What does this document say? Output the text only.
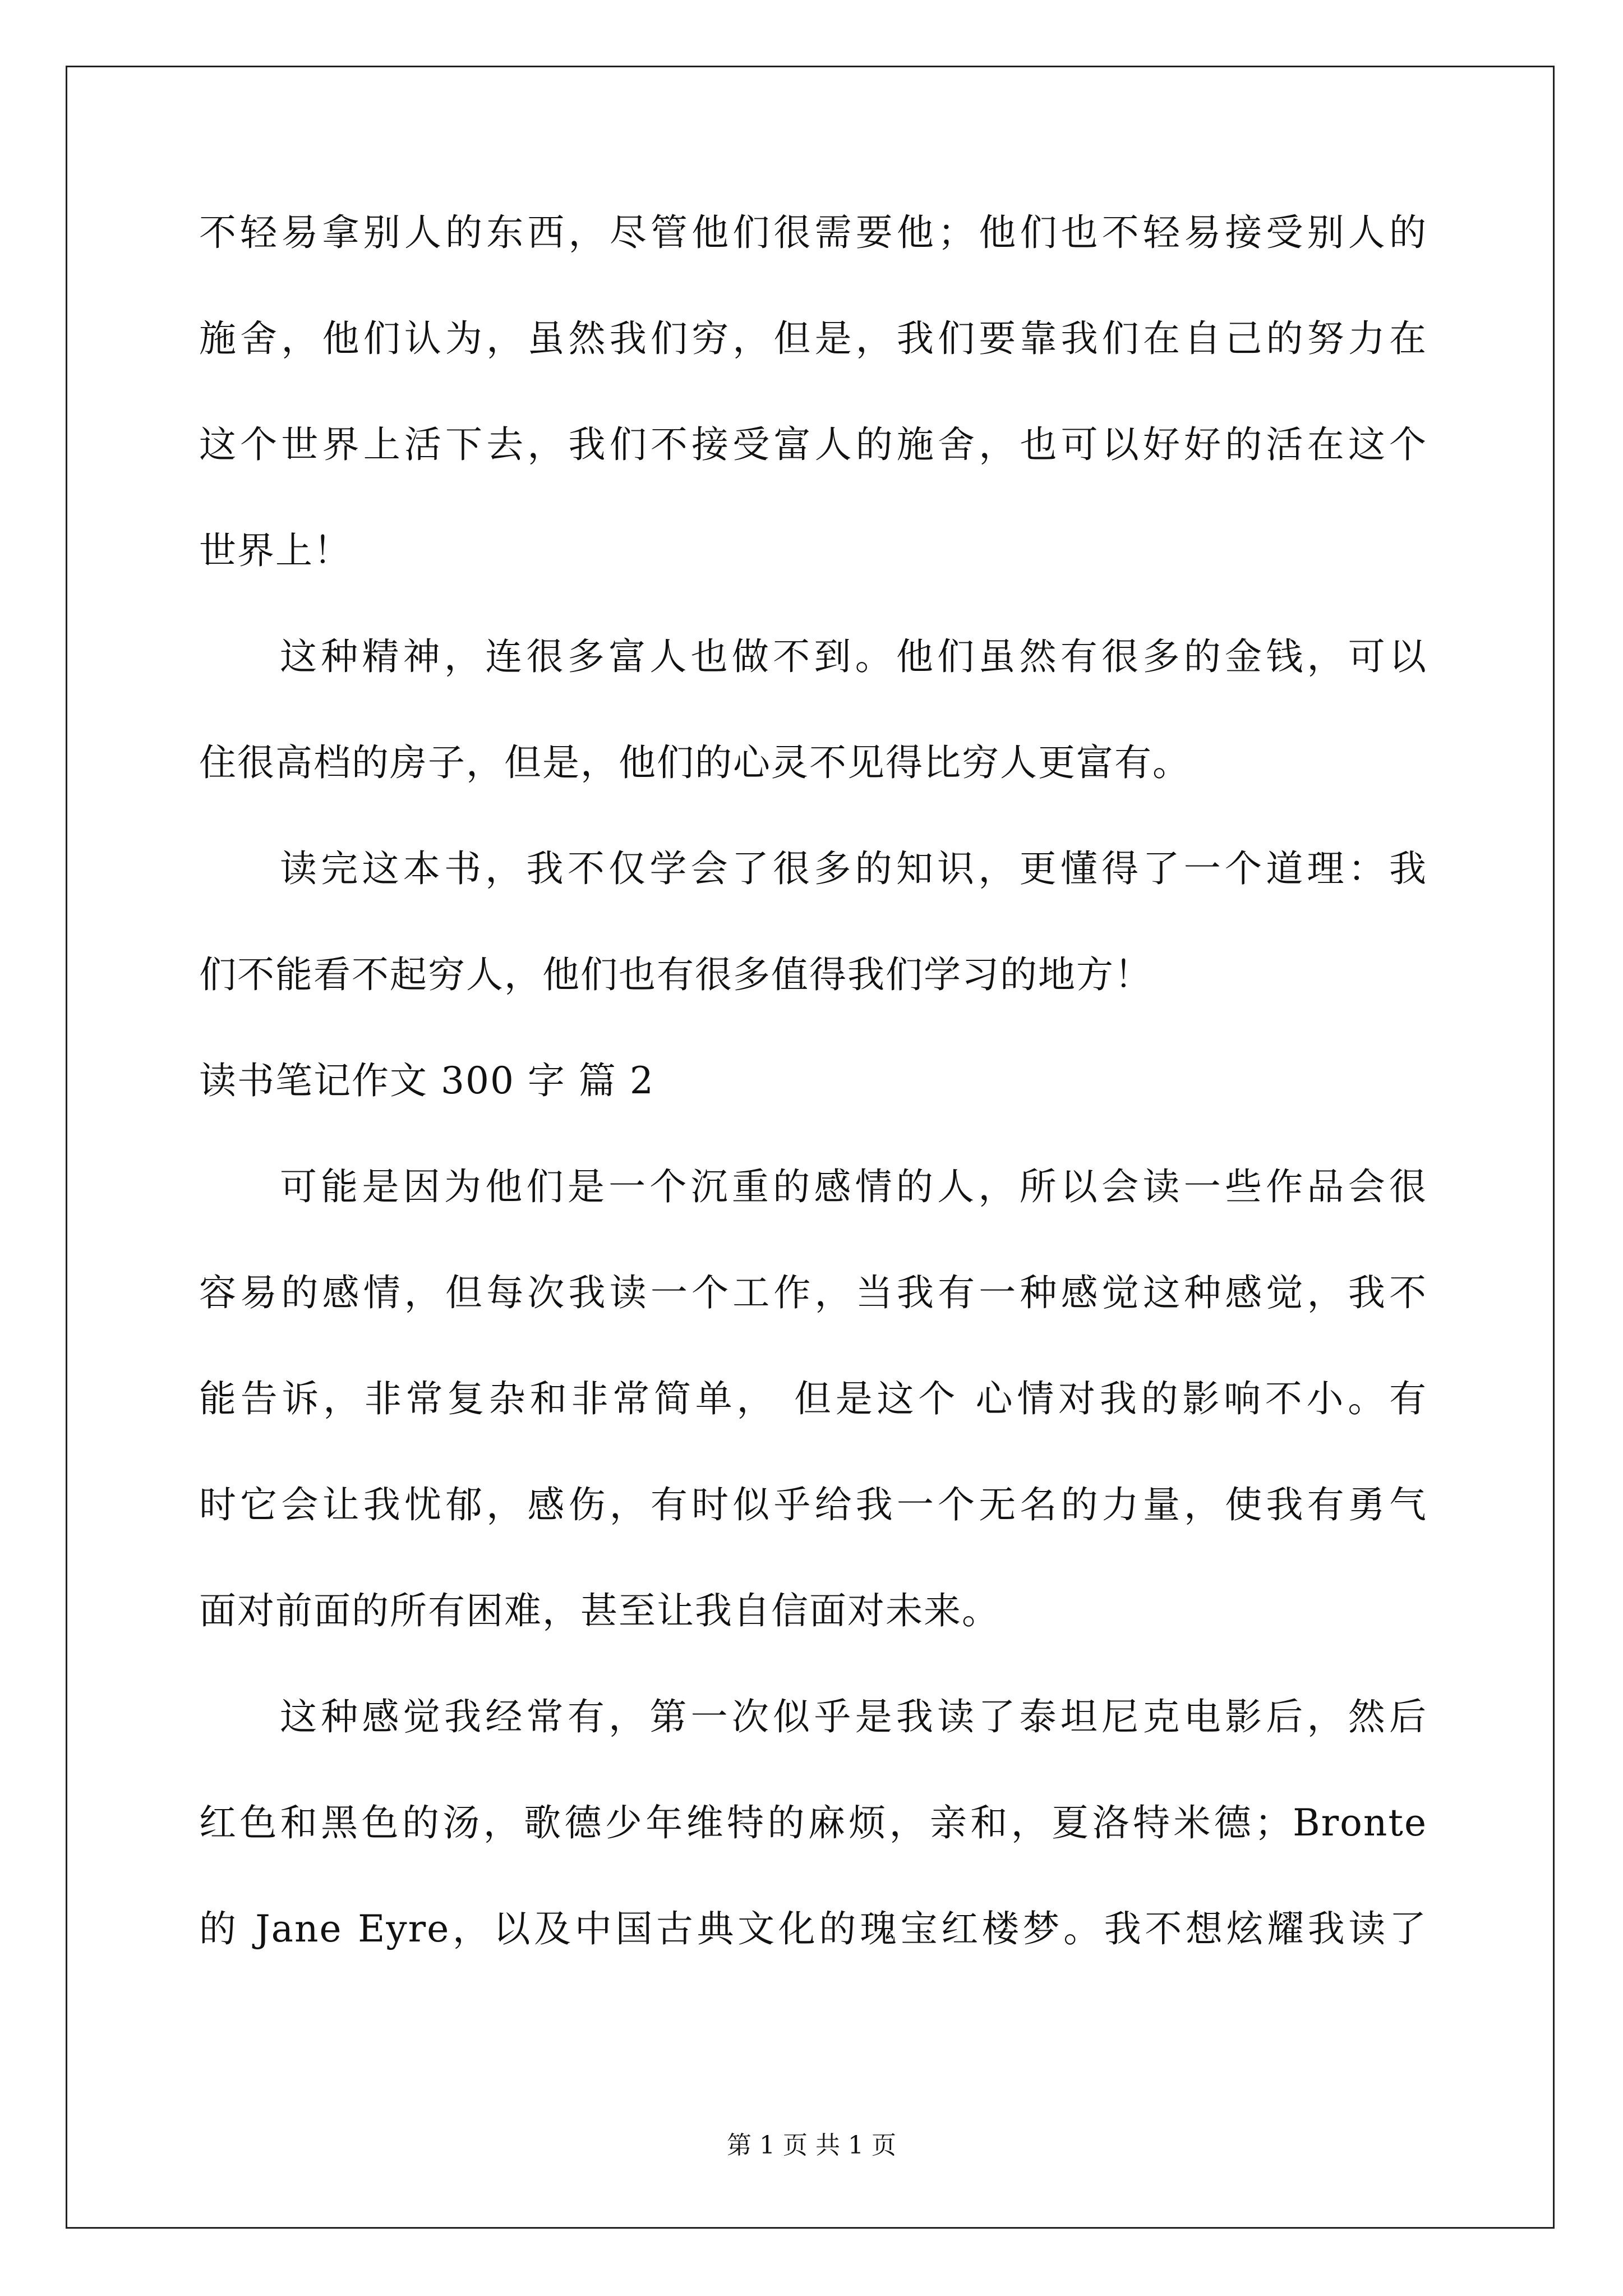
不轻易拿别人的东西，尽管他们很需要他；他们也不轻易接受别人的
施舍，他们认为，虽然我们穷，但是，我们要靠我们在自己的努力在
这个世界上活下去，我们不接受富人的施舍，也可以好好的活在这个
世界上！
这种精神，连很多富人也做不到。他们虽然有很多的金钱，可以
住很高档的房子，但是，他们的心灵不见得比穷人更富有。
读完这本书，我不仅学会了很多的知识，更懂得了一个道理：我
们不能看不起穷人，他们也有很多值得我们学习的地方！
读书笔记作文 300 字 篇 2
可能是因为他们是一个沉重的感情的人，所以会读一些作品会很
容易的感情，但每次我读一个工作，当我有一种感觉这种感觉，我不
能告诉，非常复杂和非常简单， 但是这个 心情对我的影响不小。有
时它会让我忧郁，感伤，有时似乎给我一个无名的力量，使我有勇气
面对前面的所有困难，甚至让我自信面对未来。
这种感觉我经常有，第一次似乎是我读了泰坦尼克电影后，然后
红色和黑色的汤，歌德少年维特的麻烦，亲和，夏洛特米德；Bronte
的 Jane Eyre，以及中国古典文化的瑰宝红楼梦。我不想炫耀我读了
第 1 页 共 1 页
